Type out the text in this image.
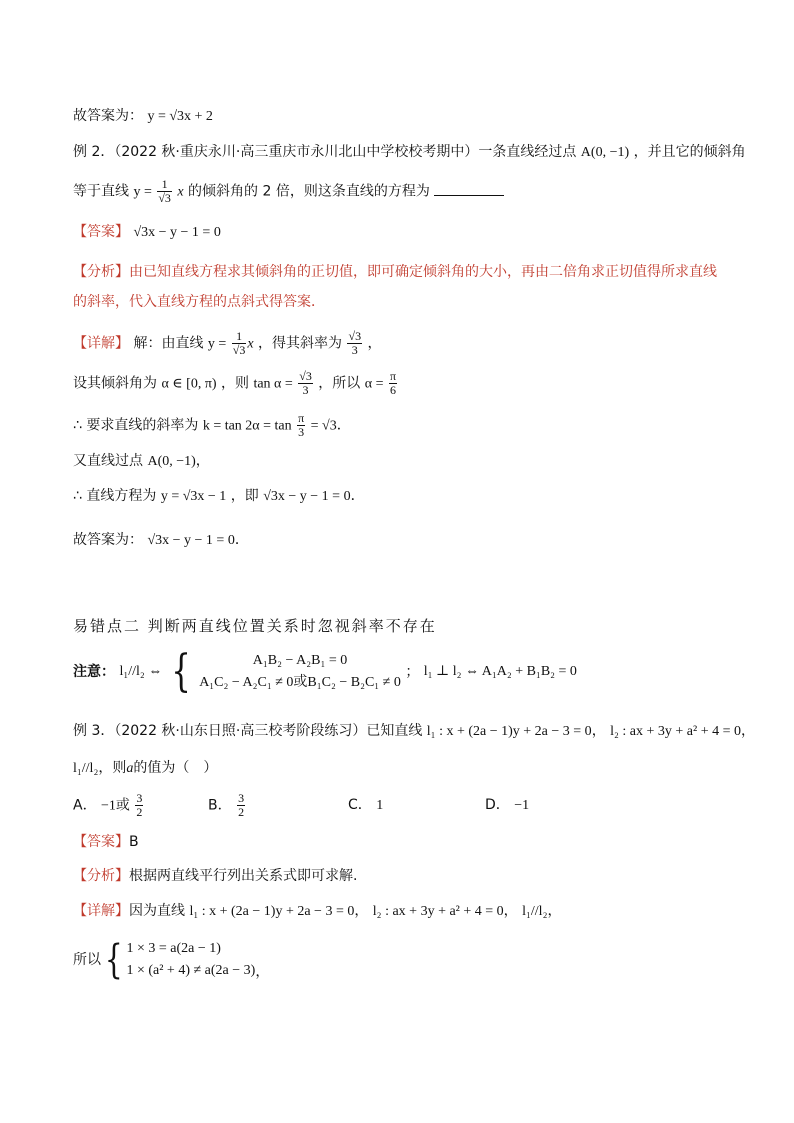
故答案为： y = √3x + 2
例 2．（2022 秋·重庆永川·高三重庆市永川北山中学校校考期中）一条直线经过点 A(0, −1) ，并且它的倾斜角
等于直线 $y = \frac{1}{√3}$ x 的倾斜角的 2 倍，则这条直线的方程为
【答案】 √3x − y − 1 = 0
【分析】由已知直线方程求其倾斜角的正切值，即可确定倾斜角的大小，再由二倍角求正切值得所求直线
的斜率，代入直线方程的点斜式得答案．
【详解】 解：由直线 $y = \frac{1}{√3}$ x ，得其斜率为 $\frac{√3}{3}$ ，
设其倾斜角为 α ∈ [0, π) ，则 $\tan \alpha = \frac{√3}{3}$ ，所以 $\alpha = \frac{\pi}{6}$
∴ 要求直线的斜率为 $k = \tan 2\alpha = \tan \frac{\pi}{3} = √3$．
又直线过点 A(0, −1)，
∴ 直线方程为 y = √3x − 1 ，即 √3x − y − 1 = 0．
故答案为： √3x − y − 1 = 0．
易错点二 判断两直线位置关系时忽视斜率不存在
注意： l₁//l₂ ⇔ {	A₁B₂ − A₂B₁ = 0
A₁C₂ − A₂C₁ ≠ 0或B₁C₂ − B₂C₁ ≠ 0
； l₁ ⊥ l₂ ⇔ A₁A₂ + B₁B₂ = 0
例 3．（2022 秋·山东日照·高三校考阶段练习）已知直线 l₁ : x + (2a − 1)y + 2a − 3 = 0， l₂ : ax + 3y + a² + 4 = 0，
l₁//l₂，则a的值为（　）
A． −1或 $\frac{3}{2}$	B． $\frac{3}{2}$	C． 1	D． −1
【答案】B
【分析】根据两直线平行列出关系式即可求解.
【详解】因为直线 l₁ : x + (2a − 1)y + 2a − 3 = 0， l₂ : ax + 3y + a² + 4 = 0， l₁//l₂，
所以{ 1 × 3 = a(2a − 1)
1 × (a² + 4) ≠ a(2a − 3) ，
